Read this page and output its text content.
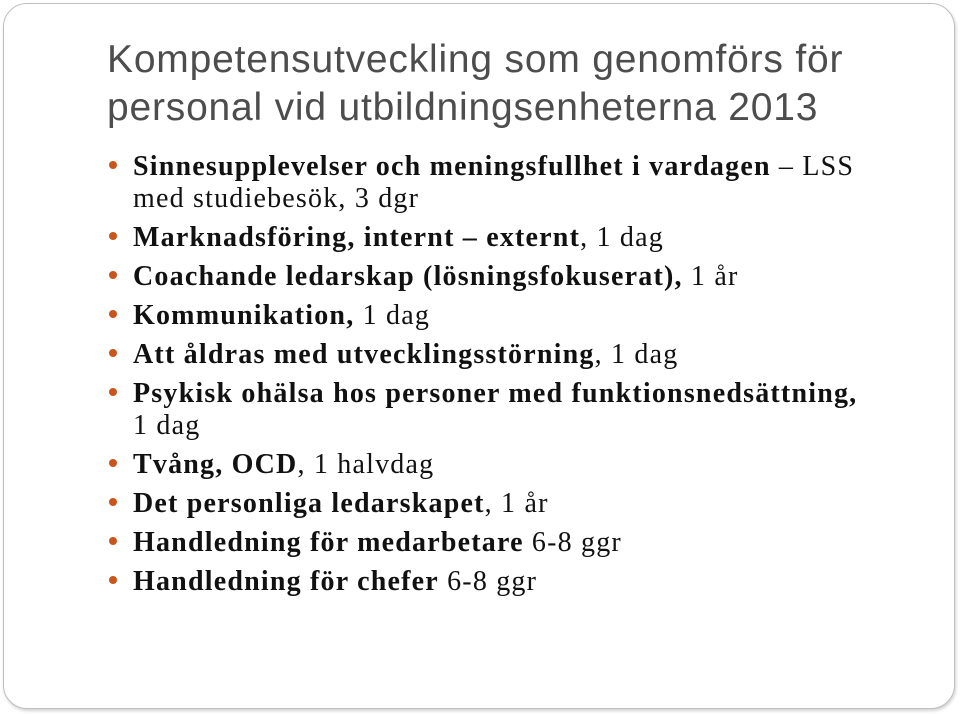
Kompetensutveckling som genomförs för
personal vid utbildningsenheterna 2013
Sinnesupplevelser och meningsfullhet i vardagen – LSS
med studiebesök, 3 dgr
Marknadsföring, internt – externt, 1 dag
Coachande ledarskap (lösningsfokuserat), 1 år
Kommunikation, 1 dag
Att åldras med utvecklingsstörning, 1 dag
Psykisk ohälsa hos personer med funktionsnedsättning,
1 dag
Tvång, OCD, 1 halvdag
Det personliga ledarskapet, 1 år
Handledning för medarbetare 6-8 ggr
Handledning för chefer 6-8 ggr
